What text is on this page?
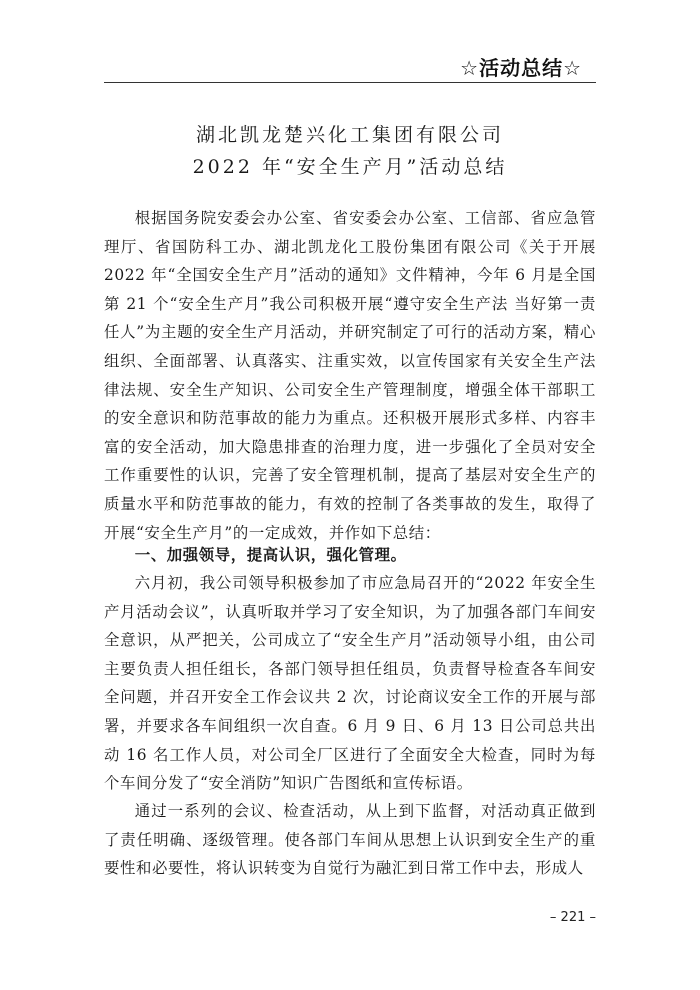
☆活动总结☆
湖北凯龙楚兴化工集团有限公司
2022 年“安全生产月”活动总结

根据国务院安委会办公室、省安委会办公室、工信部、省应急管理厅、省国防科工办、湖北凯龙化工股份集团有限公司《关于开展 2022 年“全国安全生产月”活动的通知》文件精神，今年 6 月是全国第 21 个“安全生产月”我公司积极开展“遵守安全生产法 当好第一责任人”为主题的安全生产月活动，并研究制定了可行的活动方案，精心组织、全面部署、认真落实、注重实效，以宣传国家有关安全生产法律法规、安全生产知识、公司安全生产管理制度，增强全体干部职工的安全意识和防范事故的能力为重点。还积极开展形式多样、内容丰富的安全活动，加大隐患排查的治理力度，进一步强化了全员对安全工作重要性的认识，完善了安全管理机制，提高了基层对安全生产的质量水平和防范事故的能力，有效的控制了各类事故的发生，取得了开展“安全生产月”的一定成效，并作如下总结：

一、加强领导，提高认识，强化管理。

六月初，我公司领导积极参加了市应急局召开的“2022 年安全生产月活动会议”，认真听取并学习了安全知识，为了加强各部门车间安全意识，从严把关，公司成立了“安全生产月”活动领导小组，由公司主要负责人担任组长，各部门领导担任组员，负责督导检查各车间安全问题，并召开安全工作会议共 2 次，讨论商议安全工作的开展与部署，并要求各车间组织一次自查。6 月 9 日、6 月 13 日公司总共出动 16 名工作人员，对公司全厂区进行了全面安全大检查，同时为每个车间分发了“安全消防”知识广告图纸和宣传标语。

通过一系列的会议、检查活动，从上到下监督，对活动真正做到了责任明确、逐级管理。使各部门车间从思想上认识到安全生产的重要性和必要性，将认识转变为自觉行为融汇到日常工作中去，形成人

– 221 –
